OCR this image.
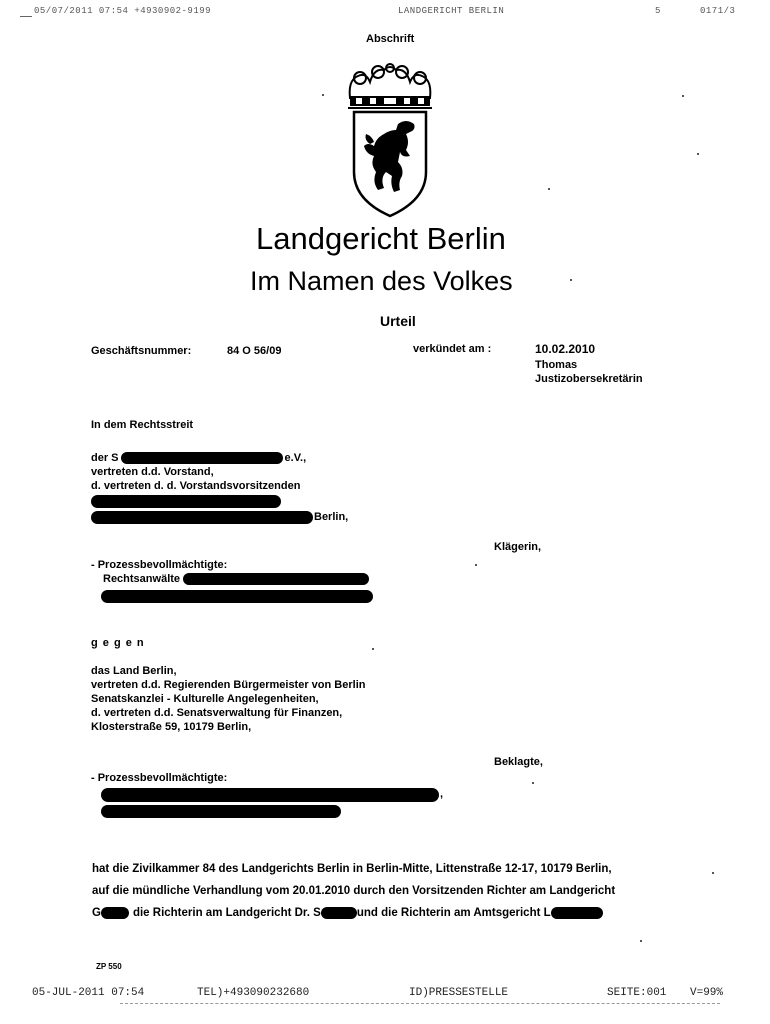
05/07/2011 07:54 +4930902-9199	LANDGERICHT BERLIN	5	0171/3
Abschrift
Landgericht Berlin
Im Namen des Volkes
Urteil
Geschäftsnummer:	84 O 56/09	verkündet am :	10.02.2010
Thomas
Justizobersekretärin
In dem Rechtsstreit
der S	e.V.,
vertreten d.d. Vorstand,
d. vertreten d. d. Vorstandsvorsitzenden
Berlin,
Klägerin,
- Prozessbevollmächtigte:
Rechtsanwälte
g e g e n
das Land Berlin,
vertreten d.d. Regierenden Bürgermeister von Berlin
Senatskanzlei - Kulturelle Angelegenheiten,
d. vertreten d.d. Senatsverwaltung für Finanzen,
Klosterstraße 59, 10179 Berlin,
Beklagte,
- Prozessbevollmächtigte:
,
hat die Zivilkammer 84 des Landgerichts Berlin in Berlin-Mitte, Littenstraße 12-17, 10179 Berlin,
auf die mündliche Verhandlung vom 20.01.2010 durch den Vorsitzenden Richter am Landgericht
G	die Richterin am Landgericht Dr. S	und die Richterin am Amtsgericht L
ZP 550
05-JUL-2011 07:54	TEL)+493090232680	ID)PRESSESTELLE	SEITE:001 V=99%
